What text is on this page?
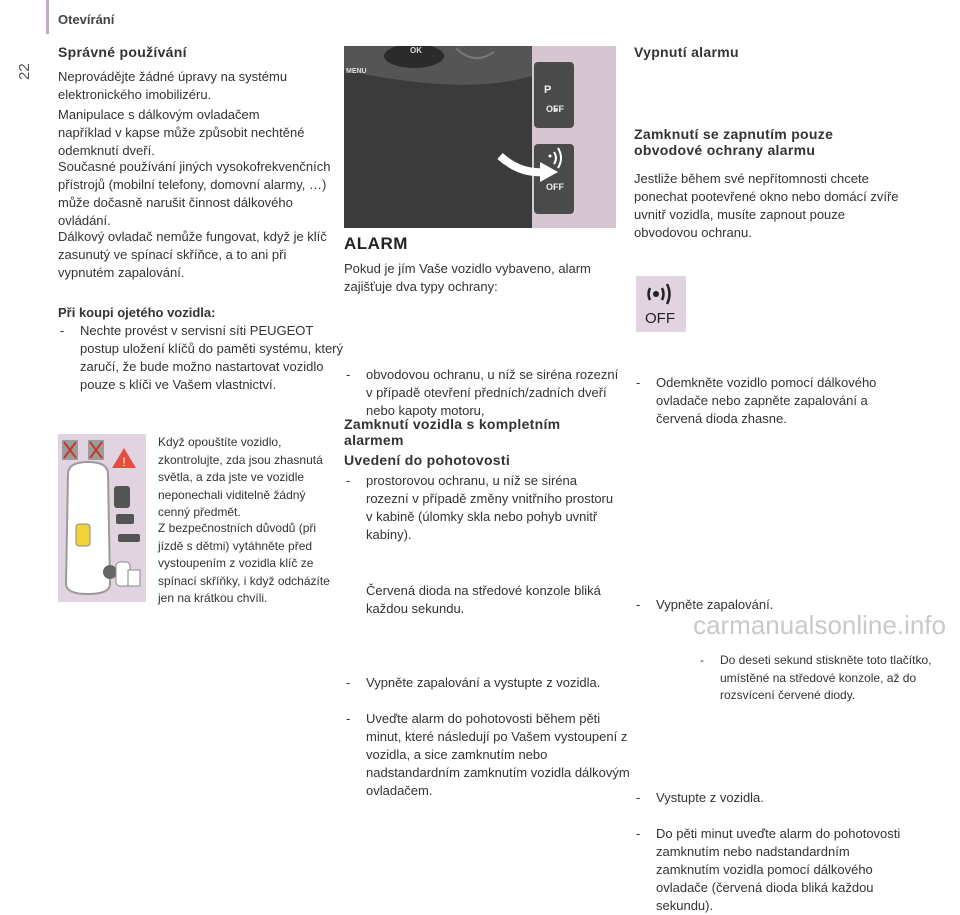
Otevírání
22
Správné používání
Neprovádějte žádné úpravy na systému elektronického imobilizéru.
Manipulace s dálkovým ovladačem například v kapse může způsobit nechtěné odemknutí dveří.
Současné používání jiných vysokofrekvenčních přístrojů (mobilní telefony, domovní alarmy, …) může dočasně narušit činnost dálkového ovládání.
Dálkový ovladač nemůže fungovat, když je klíč zasunutý ve spínací skříňce, a to ani při vypnutém zapalování.
Při koupi ojetého vozidla:
- Nechte provést v servisní síti PEUGEOT postup uložení klíčů do paměti systému, který zaručí, že bude možno nastartovat vozidlo pouze s klíči ve Vašem vlastnictví.
!
Když opouštíte vozidlo, zkontrolujte, zda jsou zhasnutá světla, a zda jste ve vozidle neponechali viditelně žádný cenný předmět.
Z bezpečnostních důvodů (při jízdě s dětmi) vytáhněte před vystoupením z vozidla klíč ze spínací skříňky, i když odcházíte jen na krátkou chvíli.
OK
MENU
P
OFF
OFF
ALARM
Pokud je jím Vaše vozidlo vybaveno, alarm zajišťuje dva typy ochrany:
- obvodovou ochranu, u níž se siréna rozezní v případě otevření předních/zadních dveří nebo kapoty motoru,
- prostorovou ochranu, u níž se siréna rozezní v případě změny vnitřního prostoru v kabině (úlomky skla nebo pohyb uvnitř kabiny).
Zamknutí vozidla s kompletním alarmem
Uvedení do pohotovosti
- Vypněte zapalování a vystupte z vozidla.
- Uveďte alarm do pohotovosti během pěti minut, které následují po Vašem vystoupení z vozidla, a sice zamknutím nebo nadstandardním zamknutím vozidla dálkovým ovladačem.
Červená dioda na středové konzole bliká každou sekundu.
Vypnutí alarmu
- Odemkněte vozidlo pomocí dálkového ovladače nebo zapněte zapalování a červená dioda zhasne.
Zamknutí se zapnutím pouze obvodové ochrany alarmu
Jestliže během své nepřítomnosti chcete ponechat pootevřené okno nebo domácí zvíře uvnitř vozidla, musíte zapnout pouze obvodovou ochranu.
- Vypněte zapalování.
OFF
- Do deseti sekund stiskněte toto tlačítko, umístěné na středové konzole, až do rozsvícení červené diody.
- Vystupte z vozidla.
- Do pěti minut uveďte alarm do pohotovosti zamknutím nebo nadstandardním zamknutím vozidla pomocí dálkového ovladače (červená dioda bliká každou sekundu).
carmanualsonline.info
